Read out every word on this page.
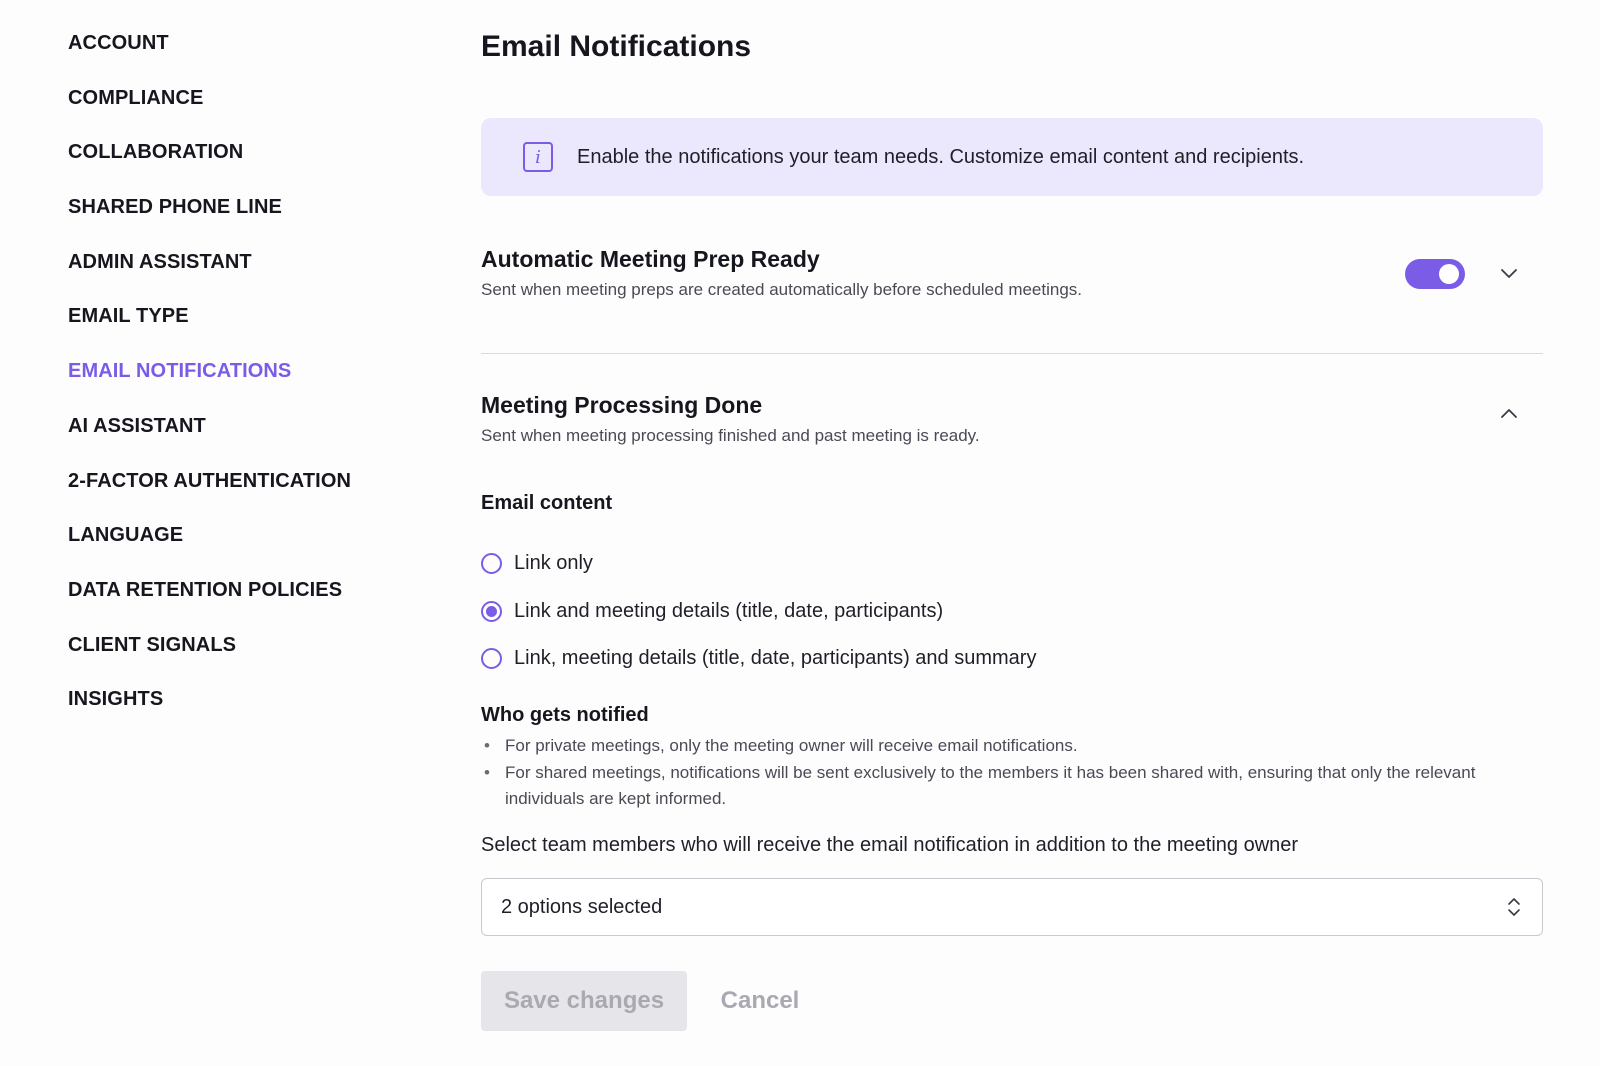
ACCOUNT
COMPLIANCE
COLLABORATION
SHARED PHONE LINE
ADMIN ASSISTANT
EMAIL TYPE
EMAIL NOTIFICATIONS
AI ASSISTANT
2-FACTOR AUTHENTICATION
LANGUAGE
DATA RETENTION POLICIES
CLIENT SIGNALS
INSIGHTS
Email Notifications
i	Enable the notifications your team needs. Customize email content and recipients.
Automatic Meeting Prep Ready
Sent when meeting preps are created automatically before scheduled meetings.
Meeting Processing Done
Sent when meeting processing finished and past meeting is ready.
Email content
Link only
Link and meeting details (title, date, participants)
Link, meeting details (title, date, participants) and summary
Who gets notified
• For private meetings, only the meeting owner will receive email notifications.
• For shared meetings, notifications will be sent exclusively to the members it has been shared with, ensuring that only the relevant individuals are kept informed.
Select team members who will receive the email notification in addition to the meeting owner
2 options selected
Save changes	Cancel
